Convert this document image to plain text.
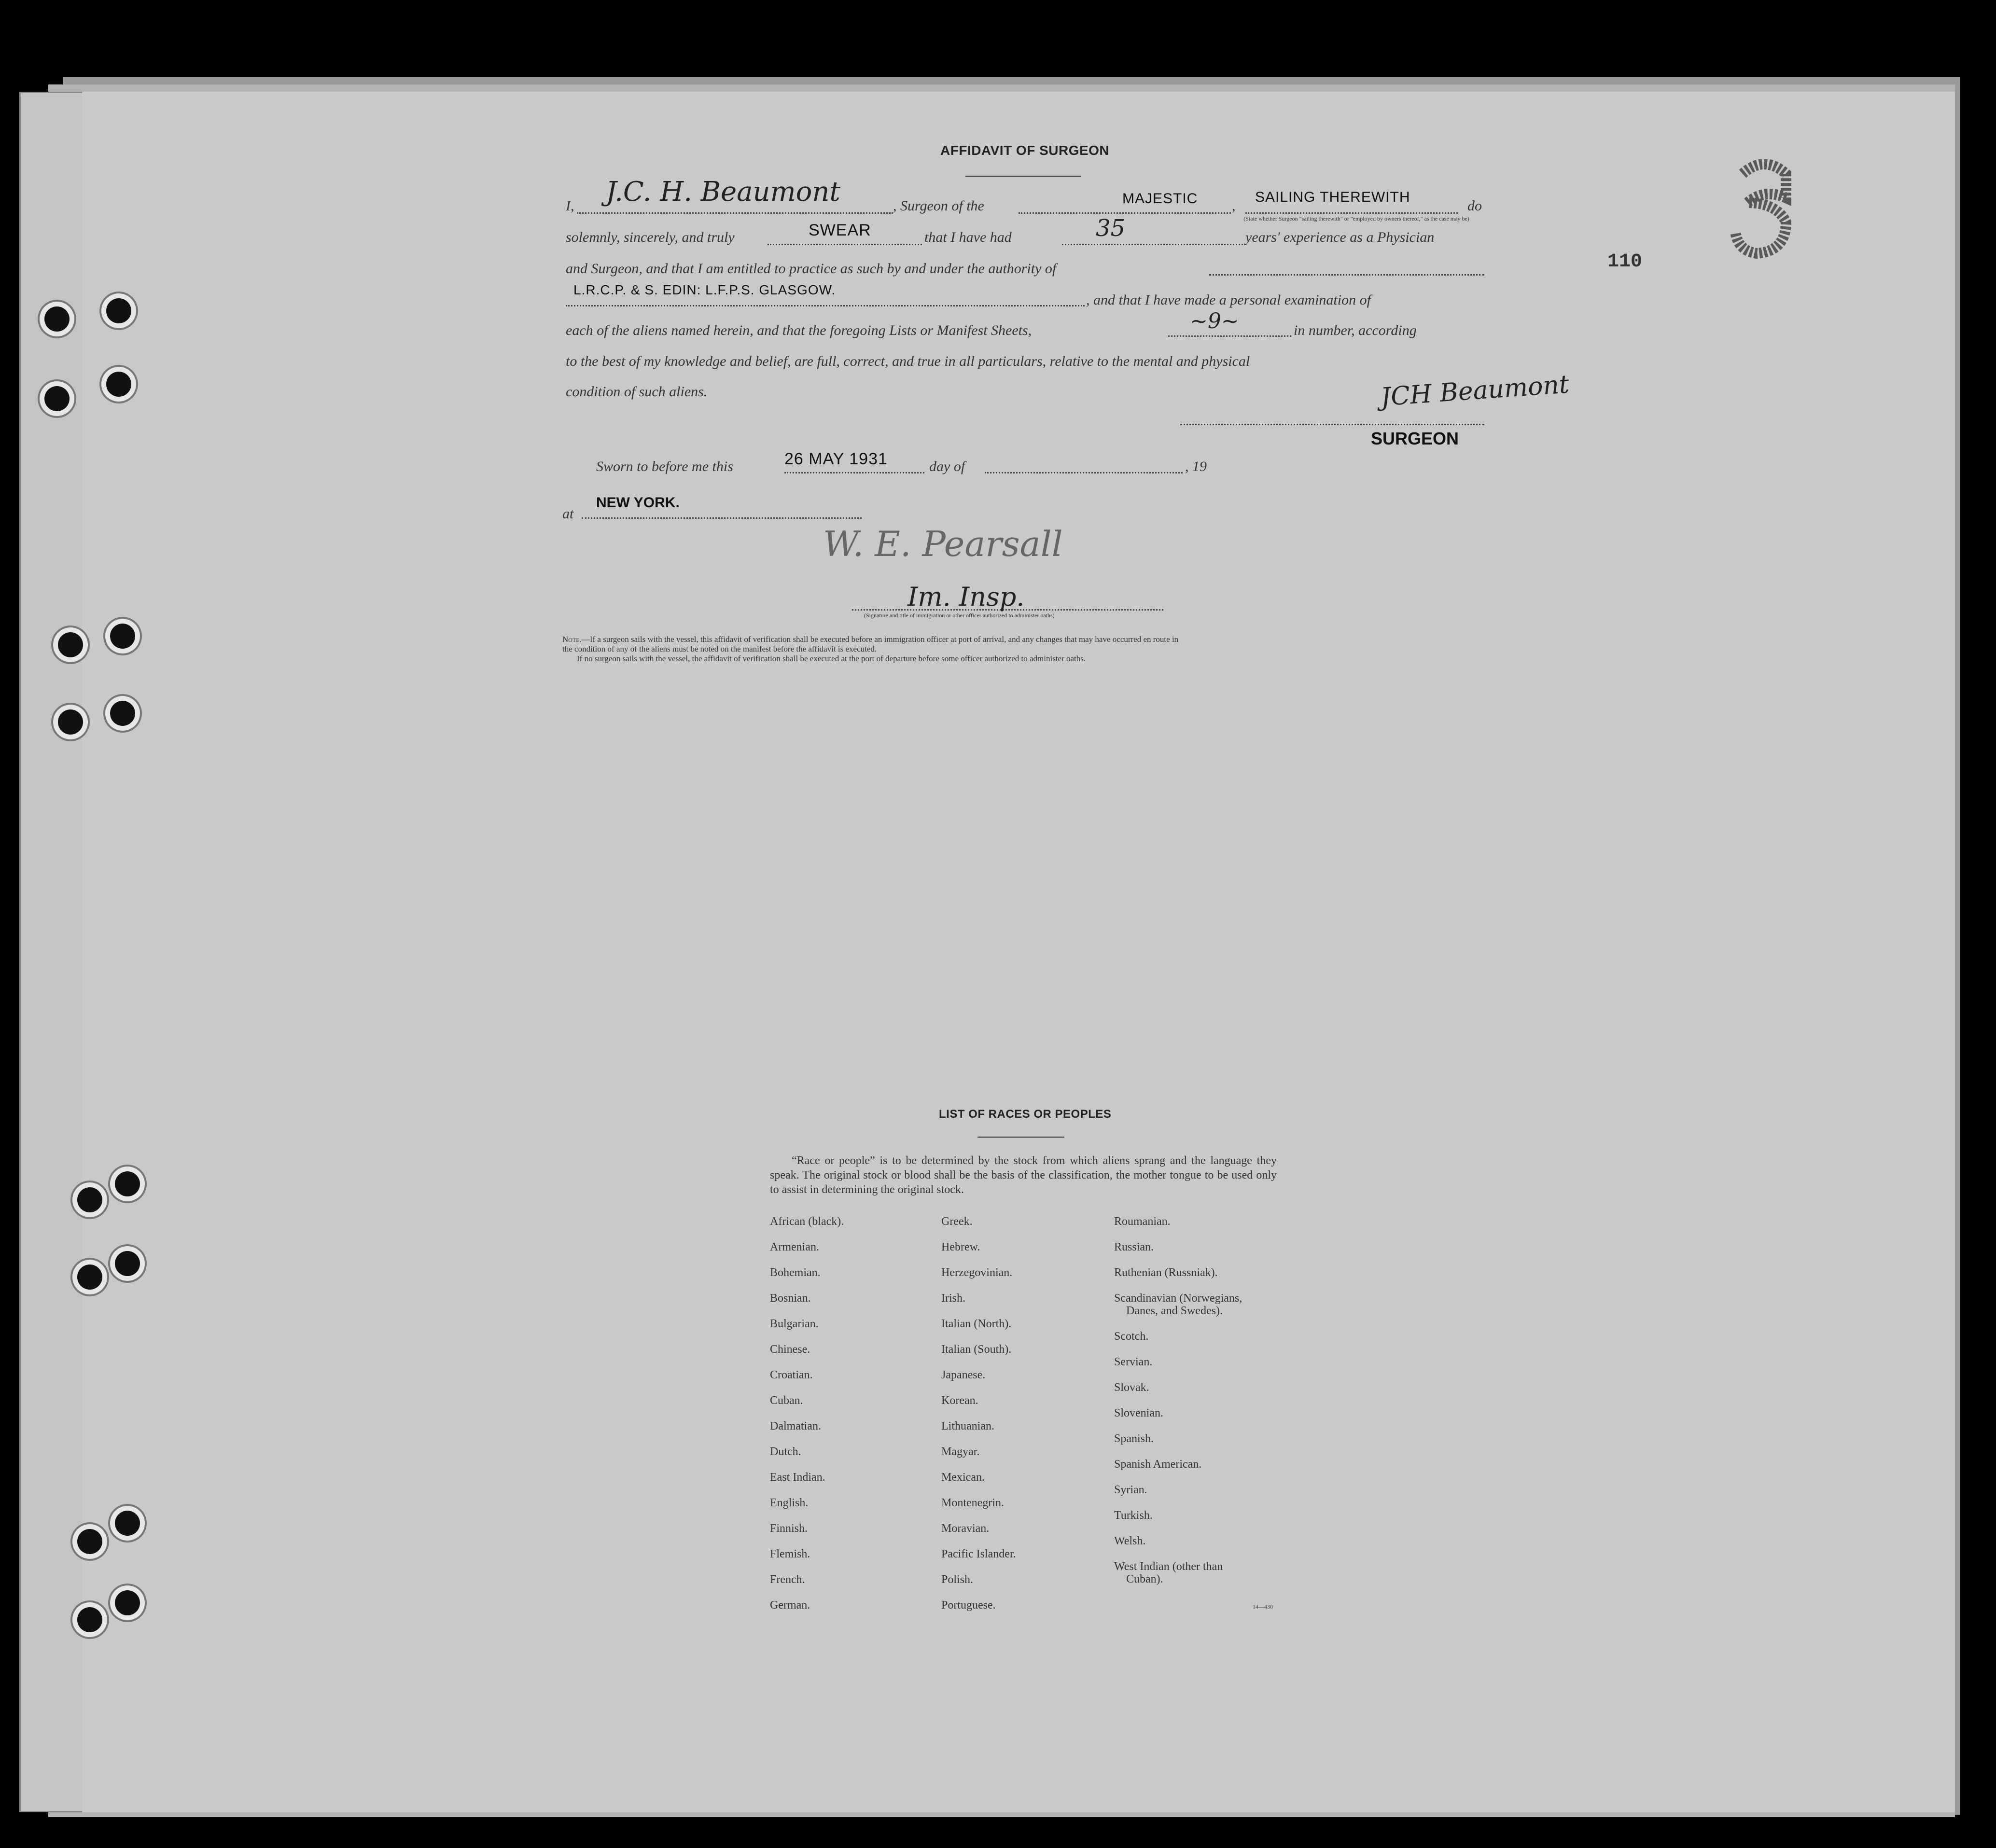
110
AFFIDAVIT OF SURGEON
I, J.C. H. Beaumont	, Surgeon of the	MAJESTIC ,
SAILING THEREWITH
do
(State whether Surgeon "sailing therewith" or "employed by owners thereof," as the case may be)
solemnly, sincerely, and truly	SWEAR	that I have had	35	years' experience as a Physician
and Surgeon, and that I am entitled to practice as such by and under the authority of
L.R.C.P. & S. EDIN: L.F.P.S. GLASGOW.
, and that I have made a personal examination of
each of the aliens named herein, and that the foregoing Lists or Manifest Sheets,	~9~	in number, according
to the best of my knowledge and belief, are full, correct, and true in all particulars, relative to the mental and physical
condition of such aliens.	JCH Beaumont
SURGEON
Sworn to before me this	26 MAY 1931	day of	, 19
at
NEW YORK.
W. E. Pearsall
Im. Insp.
(Signature and title of immigration or other officer authorized to administer oaths)
Note.—If a surgeon sails with the vessel, this affidavit of verification shall be executed before an immigration officer at port of arrival, and any changes that may have occurred en route in
the condition of any of the aliens must be noted on the manifest before the affidavit is executed.
If no surgeon sails with the vessel, the affidavit of verification shall be executed at the port of departure before some officer authorized to administer oaths.
LIST OF RACES OR PEOPLES
“Race or people” is to be determined by the stock from which aliens sprang and the language they speak. The original stock or blood shall be the basis of the classification, the mother tongue to be used only to assist in determining the original stock.
African (black).
Armenian.
Bohemian.
Bosnian.
Bulgarian.
Chinese.
Croatian.
Cuban.
Dalmatian.
Dutch.
East Indian.
English.
Finnish.
Flemish.
French.
German.
Greek.
Hebrew.
Herzegovinian.
Irish.
Italian (North).
Italian (South).
Japanese.
Korean.
Lithuanian.
Magyar.
Mexican.
Montenegrin.
Moravian.
Pacific Islander.
Polish.
Portuguese.
Roumanian.
Russian.
Ruthenian (Russniak).
Scandinavian (Norwegians,
Danes, and Swedes).
Scotch.
Servian.
Slovak.
Slovenian.
Spanish.
Spanish American.
Syrian.
Turkish.
Welsh.
West Indian (other than
Cuban).
14—430
